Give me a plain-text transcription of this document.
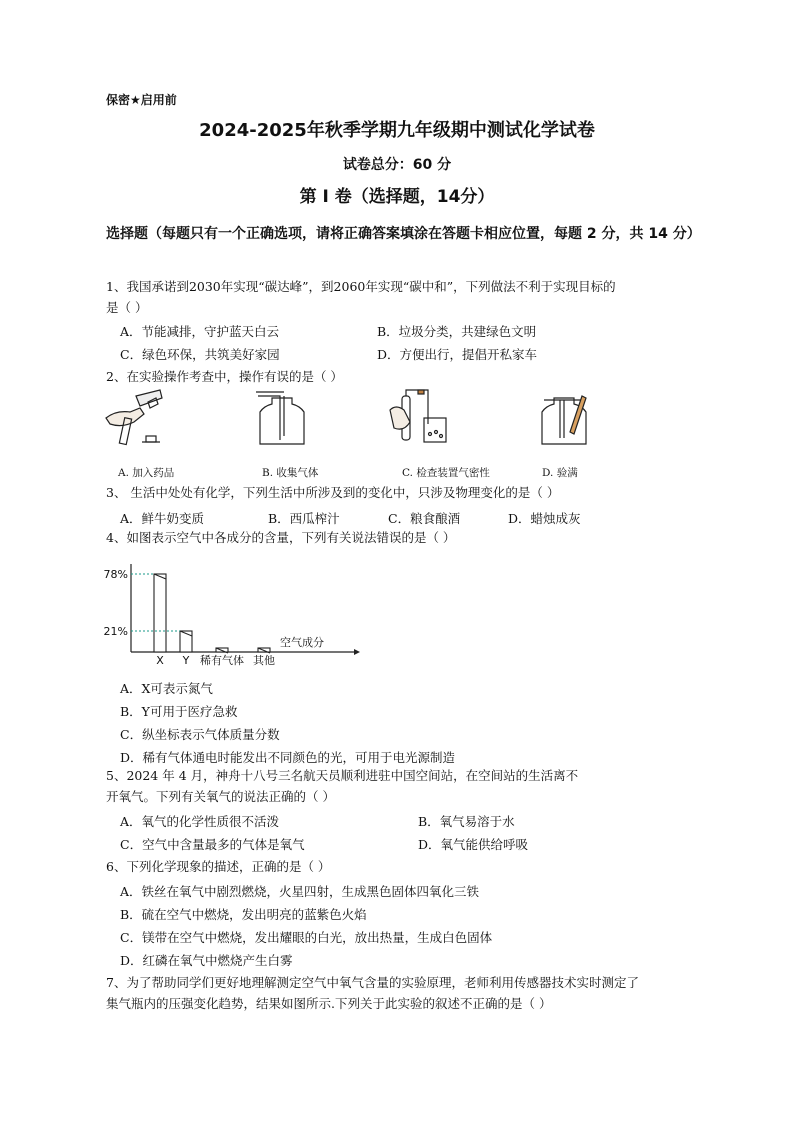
保密★启用前
2024-2025年秋季学期九年级期中测试化学试卷
试卷总分：60 分
第 Ⅰ 卷（选择题，14分）
选择题（每题只有一个正确选项，请将正确答案填涂在答题卡相应位置，每题 2 分，共 14 分）
1、我国承诺到2030年实现“碳达峰”，到2060年实现“碳中和”，下列做法不利于实现目标的
是（ ）
A．节能减排，守护蓝天白云	B．垃圾分类，共建绿色文明
C．绿色环保，共筑美好家园	D．方便出行，提倡开私家车
2、在实验操作考查中，操作有误的是（ ）
A. 加入药品	B. 收集气体	C. 检查装置气密性	D. 验满
3、 生活中处处有化学，下列生活中所涉及到的变化中，只涉及物理变化的是（ ）
A．鲜牛奶变质	B．西瓜榨汁	C．粮食酿酒	D．蜡烛成灰
4、如图表示空气中各成分的含量，下列有关说法错误的是（ ）
X Y 稀有气体 其他
78%
21%
空气成分
A．X可表示氮气
B．Y可用于医疗急救
C．纵坐标表示气体质量分数
D．稀有气体通电时能发出不同颜色的光，可用于电光源制造
5、2024 年 4 月，神舟十八号三名航天员顺利进驻中国空间站，在空间站的生活离不
开氧气。下列有关氧气的说法正确的（ ）
A．氧气的化学性质很不活泼	B．氧气易溶于水
C．空气中含量最多的气体是氧气	D．氧气能供给呼吸
6、下列化学现象的描述，正确的是（ ）
A．铁丝在氧气中剧烈燃烧，火星四射，生成黑色固体四氧化三铁
B．硫在空气中燃烧，发出明亮的蓝紫色火焰
C．镁带在空气中燃烧，发出耀眼的白光，放出热量，生成白色固体
D．红磷在氧气中燃烧产生白雾
7、为了帮助同学们更好地理解测定空气中氧气含量的实验原理，老师利用传感器技术实时测定了
集气瓶内的压强变化趋势，结果如图所示.下列关于此实验的叙述不正确的是（ ）
